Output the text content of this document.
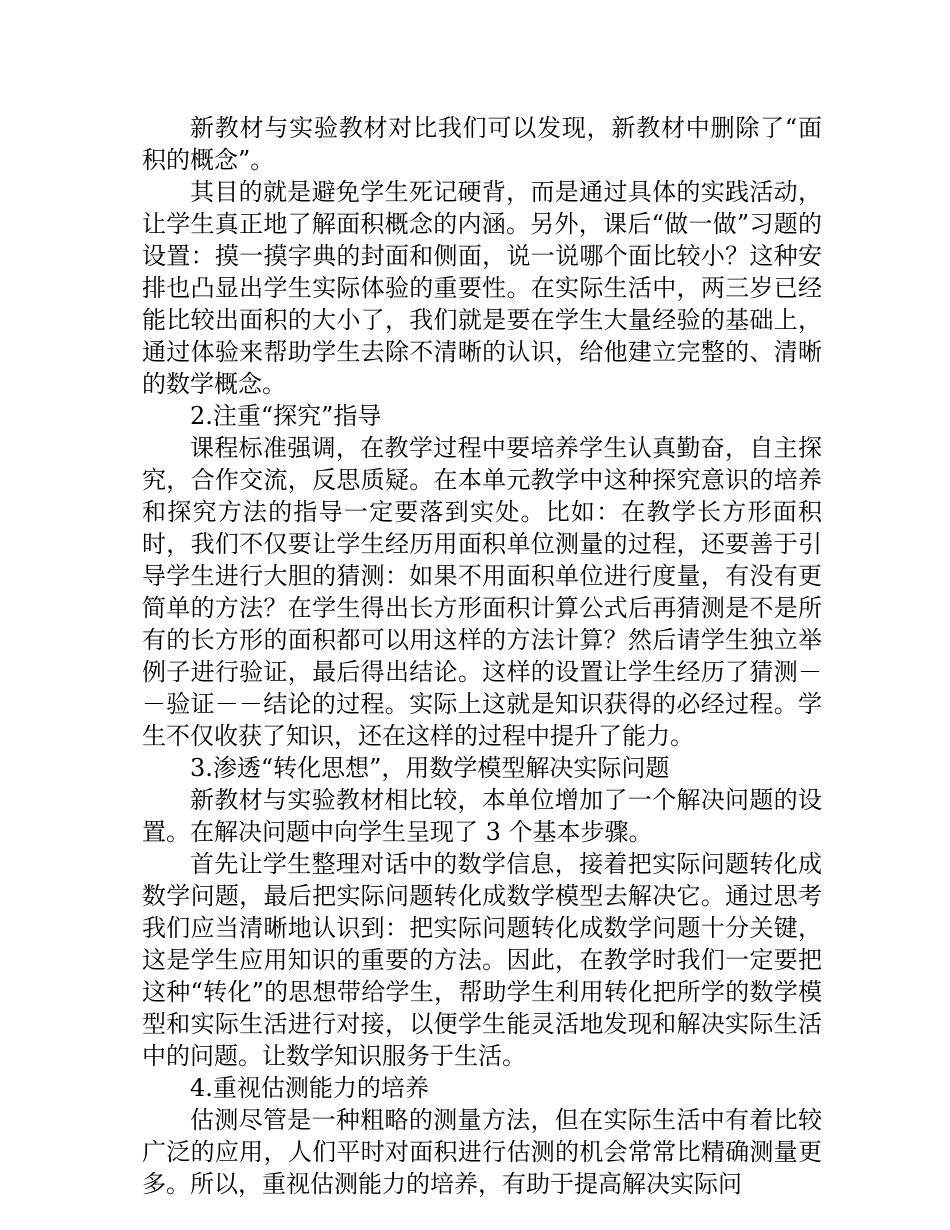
新教材与实验教材对比我们可以发现，新教材中删除了“面积的概念”。

其目的就是避免学生死记硬背，而是通过具体的实践活动，让学生真正地了解面积概念的内涵。另外，课后“做一做”习题的设置：摸一摸字典的封面和侧面，说一说哪个面比较小？这种安排也凸显出学生实际体验的重要性。在实际生活中，两三岁已经能比较出面积的大小了，我们就是要在学生大量经验的基础上，通过体验来帮助学生去除不清晰的认识，给他建立完整的、清晰的数学概念。

2.注重“探究”指导

课程标准强调，在教学过程中要培养学生认真勤奋，自主探究，合作交流，反思质疑。在本单元教学中这种探究意识的培养和探究方法的指导一定要落到实处。比如：在教学长方形面积时，我们不仅要让学生经历用面积单位测量的过程，还要善于引导学生进行大胆的猜测：如果不用面积单位进行度量，有没有更简单的方法？在学生得出长方形面积计算公式后再猜测是不是所有的长方形的面积都可以用这样的方法计算？然后请学生独立举例子进行验证，最后得出结论。这样的设置让学生经历了猜测－－验证－－结论的过程。实际上这就是知识获得的必经过程。学生不仅收获了知识，还在这样的过程中提升了能力。

3.渗透“转化思想”，用数学模型解决实际问题

新教材与实验教材相比较，本单位增加了一个解决问题的设置。在解决问题中向学生呈现了 3 个基本步骤。

首先让学生整理对话中的数学信息，接着把实际问题转化成数学问题，最后把实际问题转化成数学模型去解决它。通过思考我们应当清晰地认识到：把实际问题转化成数学问题十分关键，这是学生应用知识的重要的方法。因此，在教学时我们一定要把这种“转化”的思想带给学生，帮助学生利用转化把所学的数学模型和实际生活进行对接，以便学生能灵活地发现和解决实际生活中的问题。让数学知识服务于生活。

4.重视估测能力的培养

估测尽管是一种粗略的测量方法，但在实际生活中有着比较广泛的应用，人们平时对面积进行估测的机会常常比精确测量更多。所以，重视估测能力的培养，有助于提高解决实际问
